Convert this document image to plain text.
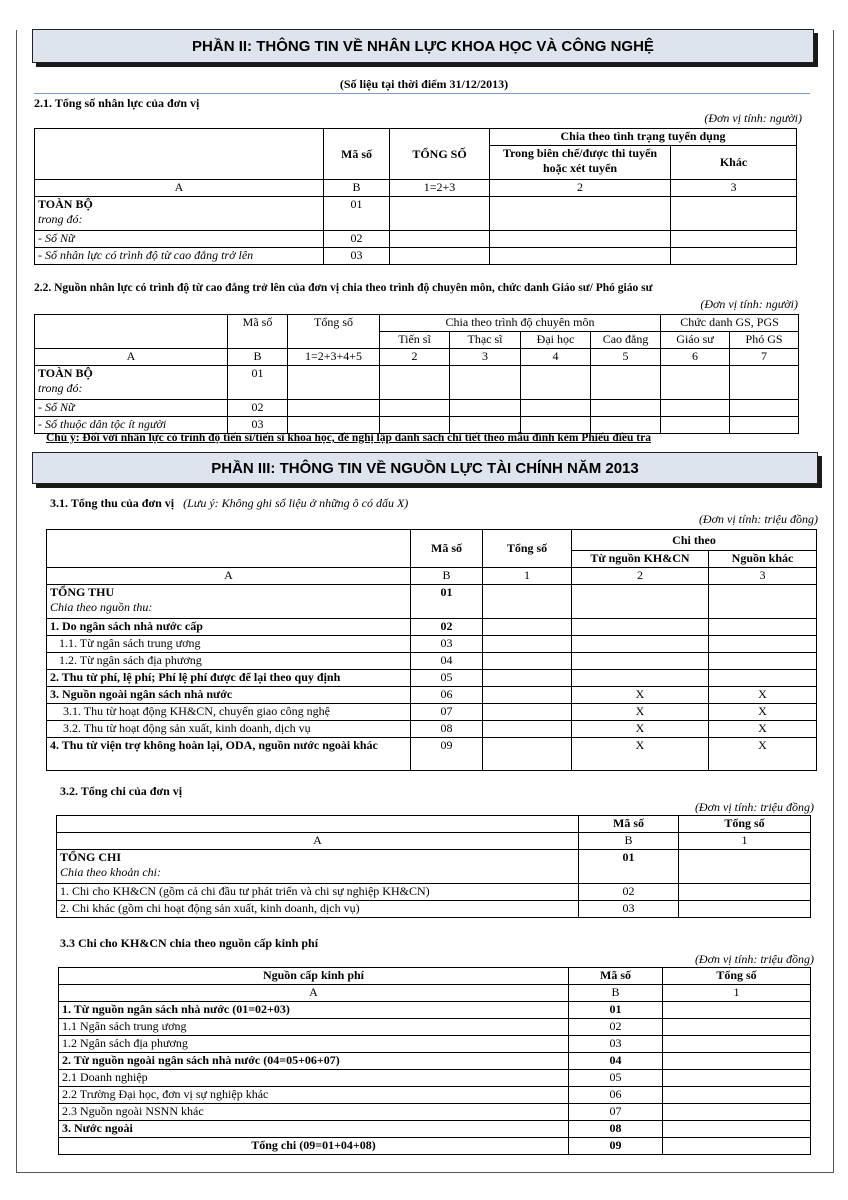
PHẦN II: THÔNG TIN VỀ NHÂN LỰC KHOA HỌC VÀ CÔNG NGHỆ
(Số liệu tại thời điểm 31/12/2013)
2.1. Tổng số nhân lực của đơn vị
(Đơn vị tính: người)
	Mã số	TỔNG SỐ	Chia theo tình trạng tuyển dụng	
			Trong biên chế/được thi tuyển hoặc xét tuyển	Khác
A	B	1=2+3	2	3

TOÀN BỘ
trong đó:	01			
- Số Nữ	02			
- Số nhân lực có trình độ từ cao đẳng trở lên	03			
2.2. Nguồn nhân lực có trình độ từ cao đẳng trở lên của đơn vị chia theo trình độ chuyên môn, chức danh Giáo sư/ Phó giáo sư
(Đơn vị tính: người)
	Mã số	Tổng số	Chia theo trình độ chuyên môn				Chức danh GS, PGS	
			Tiến sĩ	Thạc sĩ	Đại học	Cao đẳng	Giáo sư	Phó GS
A	B	1=2+3+4+5	2	3	4	5	6	7

TOÀN BỘ
trong đó:	01							
- Số Nữ	02							
- Số thuộc dân tộc ít người	03							
Chú ý: Đối với nhân lực có trình độ tiến sĩ/tiến sĩ khoa học, đề nghị lập danh sách chi tiết theo mẫu đính kèm Phiếu điều tra
PHẦN III: THÔNG TIN VỀ NGUỒN LỰC TÀI CHÍNH NĂM 2013
3.1. Tổng thu của đơn vị (Lưu ý: Không ghi số liệu ở những ô có dấu X)
(Đơn vị tính: triệu đồng)
	Mã số	Tổng số	Chi theo	
			Từ nguồn KH&CN	Nguồn khác
A	B	1	2	3

TỔNG THU
Chia theo nguồn thu:	01			
1. Do ngân sách nhà nước cấp	02			
1.1. Từ ngân sách trung ương	03			
1.2. Từ ngân sách địa phương	04			
2. Thu từ phí, lệ phí; Phí lệ phí được để lại theo quy định	05			
3. Nguồn ngoài ngân sách nhà nước	06		X	X
3.1. Thu từ hoạt động KH&CN, chuyển giao công nghệ	07		X	X
3.2. Thu từ hoạt động sản xuất, kinh doanh, dịch vụ	08		X	X
4. Thu từ viện trợ không hoàn lại, ODA, nguồn nước ngoài khác	09		X	X
3.2. Tổng chi của đơn vị
(Đơn vị tính: triệu đồng)
	Mã số	Tổng số
A	B	1

TỔNG CHI
Chia theo khoản chi:	01	
1. Chi cho KH&CN (gồm cả chi đầu tư phát triển và chi sự nghiệp KH&CN)	02	
2. Chi khác (gồm chi hoạt động sản xuất, kinh doanh, dịch vụ)	03	
3.3 Chi cho KH&CN chia theo nguồn cấp kinh phí
(Đơn vị tính: triệu đồng)
Nguồn cấp kinh phí	Mã số	Tổng số
A	B	1
1. Từ nguồn ngân sách nhà nước (01=02+03)	01	
1.1 Ngân sách trung ương	02	
1.2 Ngân sách địa phương	03	
2. Từ nguồn ngoài ngân sách nhà nước (04=05+06+07)	04	
2.1 Doanh nghiệp	05	
2.2 Trường Đại học, đơn vị sự nghiệp khác	06	
2.3 Nguồn ngoài NSNN khác	07	
3. Nước ngoài	08	
Tổng chi (09=01+04+08)	09	
